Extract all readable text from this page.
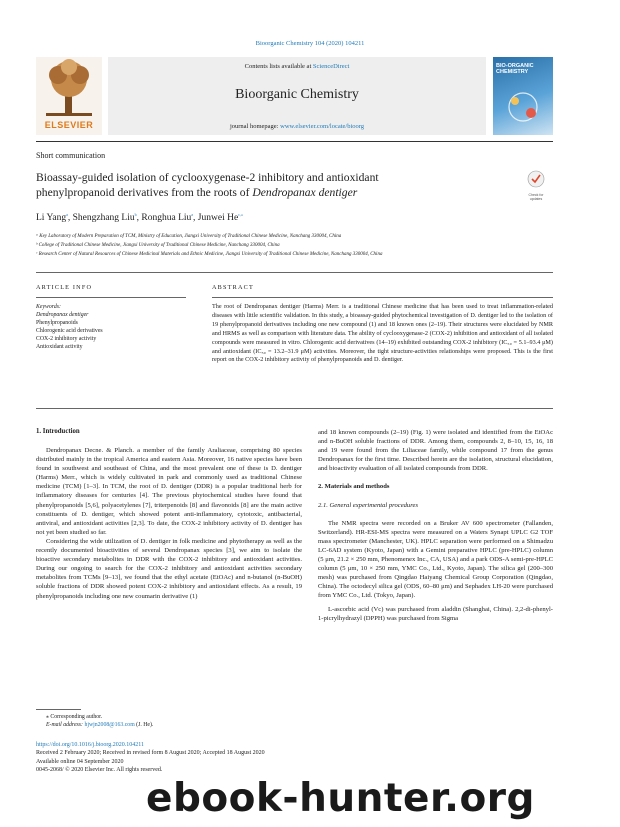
Bioorganic Chemistry 104 (2020) 104211
ELSEVIER
Contents lists available at ScienceDirect
Bioorganic Chemistry
journal homepage: www.elsevier.com/locate/bioorg
BIO-ORGANIC CHEMISTRY
Short communication
Bioassay-guided isolation of cyclooxygenase-2 inhibitory and antioxidant
phenylpropanoid derivatives from the roots of Dendropanax dentiger	Check for updates
Li Yang$^a$, Shengzhang Liu$^b$, Ronghua Liu$^a$, Junwei $He^{c,⁎}$
ᵃ Key Laboratory of Modern Preparation of TCM, Ministry of Education, Jiangxi University of Traditional Chinese Medicine, Nanchang 330004, China
ᵇ College of Traditional Chinese Medicine, Jiangxi University of Traditional Chinese Medicine, Nanchang 330004, China
ᶜ Research Center of Natural Resources of Chinese Medicinal Materials and Ethnic Medicine, Jiangxi University of Traditional Chinese Medicine, Nanchang 330004, China
ARTICLE INFO
Keywords:
Dendropanax dentiger
Phenylpropanoids
Chlorogenic acid derivatives
COX-2 inhibitory activity
Antioxidant activity
ABSTRACT
The root of Dendropanax dentiger (Harms) Merr. is a traditional Chinese medicine that has been used to treat inflammation-related diseases with little scientific validation. In this study, a bioassay-guided phytochemical investigation of D. dentiger led to the isolation of 19 phenylpropanoid derivatives including one new compound (1) and 18 known ones (2–19). Their structures were elucidated by NMR and HRMS as well as comparison with literature data. The ability of cyclooxygenase-2 (COX-2) inhibition and antioxidant of all isolated compounds were measured in vitro. Chlorogenic acid derivatives (14–19) exhibited outstanding COX-2 inhibitory (IC₅₀ = 5.1–93.4 μM) and antioxidant (IC₅₀ = 13.2–31.9 μM) activities. Moreover, the tight structure-activities relationships were proposed. This is the first report on the COX-2 inhibitory activity of phenylpropanoids and D. dentiger.
1. Introduction

Dendropanax Decne. & Planch. a member of the family Araliaceae, comprising 80 species distributed mainly in the tropical America and eastern Asia. Moreover, 16 native species have been found in southwest and southeast of China, and the most prevalent one of these is D. dentiger (Harms) Merr., which is widely cultivated in park and commonly used as traditional Chinese medicine (TCM) [1–3]. In TCM, the root of D. dentiger (DDR) is a popular traditional herb for inflammatory diseases for centuries [4]. The previous phytochemical studies have found that phenylpropanoids [5,6], polyacetylenes [7], triterpenoids [8] and flavonoids [8] are the main active constituents of D. dentiger, which showed potent anti-inflammatory, cytotoxic, antibacterial, antiviral, and antioxidant activities [2,3]. To date, the COX-2 inhibitory activity of D. dentiger has not yet been studied so far.

Considering the wide utilization of D. dentiger in folk medicine and phytotherapy as well as the recently documented bioactivities of several Dendropanax species [3], we aim to isolate the bioactive secondary metabolites in DDR with the COX-2 inhibitory and antioxidant activities. During our ongoing to search for the COX-2 inhibitory and antioxidant activities secondary metabolites from TCMs [9–13], we found that the ethyl acetate (EtOAc) and n-butanol (n-BuOH) soluble fractions of DDR showed potent COX-2 inhibitory and antioxidant effects. As a result, 19 phenylpropanoids including one new coumarin derivative (1)

and 18 known compounds (2–19) (Fig. 1) were isolated and identified from the EtOAc and n-BuOH soluble fractions of DDR. Among them, compounds 2, 8–10, 15, 16, 18 and 19 were found from the Liliaceae family, while compound 17 from the genus Dendropanax for the first time. Described herein are the isolation, structural elucidation, and bioactivity evaluation of all isolated compounds from DDR.

2. Materials and methods
2.1. General experimental procedures

The NMR spectra were recorded on a Bruker AV 600 spectrometer (Fallanden, Switzerland). HR-ESI-MS spectra were measured on a Waters Synapt UPLC G2 TOF mass spectrometer (Manchester, UK). HPLC separation were performed on a Shimadzu LC-6AD system (Kyoto, Japan) with a Gemini preparative HPLC (pre-HPLC) column (5 μm, 21.2 × 250 mm, Phenomenex Inc., CA, USA) and a park ODS-A semi-pre-HPLC column (5 μm, 10 × 250 mm, YMC Co., Ltd., Kyoto, Japan). The silica gel (200–300 mesh) was purchased from Qingdao Haiyang Chemical Group Corporation (Qingdao, China). The octodecyl silica gel (ODS, 60–80 μm) and Sephadex LH-20 were purchased from YMC Co., Ltd. (Tokyo, Japan).

L-ascorbic acid (Vc) was purchased from aladdin (Shanghai, China). 2,2-di-phenyl-1-picrylhydrazyl (DPPH) was purchased from Sigma

⁎ Corresponding author.
E-mail address: hjwjn2008@163.com (J. He).
https://doi.org/10.1016/j.bioorg.2020.104211
Received 2 February 2020; Received in revised form 8 August 2020; Accepted 18 August 2020
Available online 04 September 2020
0045-2068/ © 2020 Elsevier Inc. All rights reserved.
ebook-hunter.org
